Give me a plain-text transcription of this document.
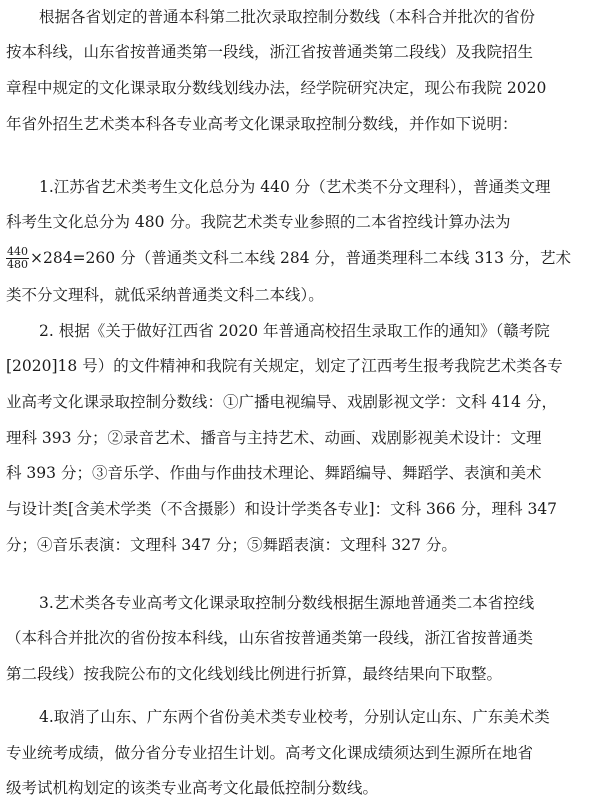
根据各省划定的普通本科第二批次录取控制分数线（本科合并批次的省份
按本科线，山东省按普通类第一段线，浙江省按普通类第二段线）及我院招生
章程中规定的文化课录取分数线划线办法，经学院研究决定，现公布我院 2020
年省外招生艺术类本科各专业高考文化课录取控制分数线，并作如下说明：
1.江苏省艺术类考生文化总分为 440 分（艺术类不分文理科），普通类文理
科考生文化总分为 480 分。我院艺术类专业参照的二本省控线计算办法为
$\frac{440}{480} \times 284=260$ 分（普通类文科二本线 284 分，普通类理科二本线 313 分，艺术
类不分文理科，就低采纳普通类文科二本线）。
2. 根据《关于做好江西省 2020 年普通高校招生录取工作的通知》（赣考院
[2020]18 号）的文件精神和我院有关规定，划定了江西考生报考我院艺术类各专
业高考文化课录取控制分数线：①广播电视编导、戏剧影视文学：文科 414 分，
理科 393 分；②录音艺术、播音与主持艺术、动画、戏剧影视美术设计：文理
科 393 分；③音乐学、作曲与作曲技术理论、舞蹈编导、舞蹈学、表演和美术
与设计类[含美术学类（不含摄影）和设计学类各专业]：文科 366 分，理科 347
分；④音乐表演：文理科 347 分；⑤舞蹈表演：文理科 327 分。
3.艺术类各专业高考文化课录取控制分数线根据生源地普通类二本省控线
（本科合并批次的省份按本科线，山东省按普通类第一段线，浙江省按普通类
第二段线）按我院公布的文化线划线比例进行折算，最终结果向下取整。
4.取消了山东、广东两个省份美术类专业校考，分别认定山东、广东美术类
专业统考成绩，做分省分专业招生计划。高考文化课成绩须达到生源所在地省
级考试机构划定的该类专业高考文化最低控制分数线。
